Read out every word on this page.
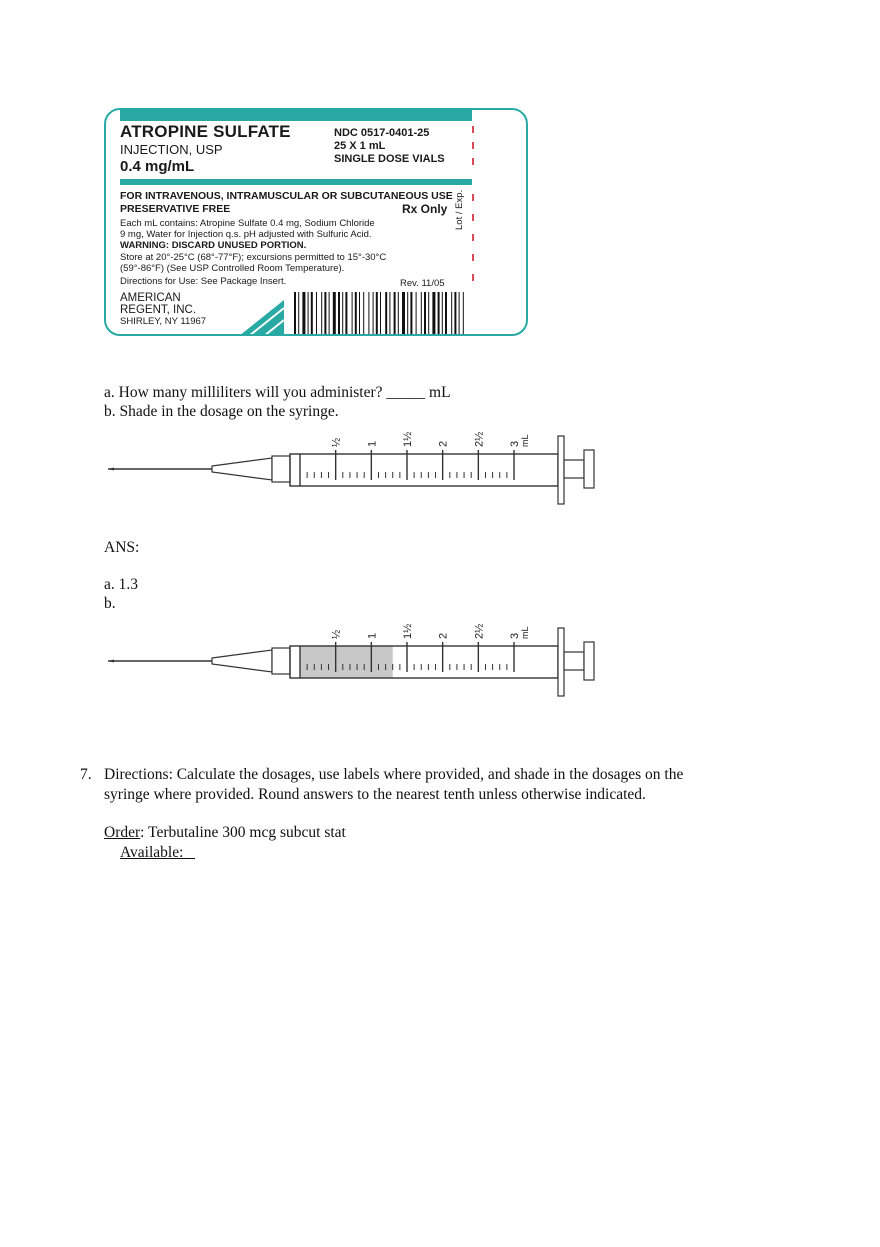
ATROPINE SULFATE
INJECTION, USP
0.4 mg/mL
NDC 0517-0401-25
25 X 1 mL
SINGLE DOSE VIALS
FOR INTRAVENOUS, INTRAMUSCULAR OR SUBCUTANEOUS USE
PRESERVATIVE FREE	Rx Only
Each mL contains: Atropine Sulfate 0.4 mg, Sodium Chloride
9 mg, Water for Injection q.s. pH adjusted with Sulfuric Acid.
WARNING: DISCARD UNUSED PORTION.
Store at 20°-25°C (68°-77°F); excursions permitted to 15°-30°C
(59°-86°F) (See USP Controlled Room Temperature).
Directions for Use: See Package Insert.	Rev. 11/05
Lot / Exp.
AMERICAN
REGENT, INC.
SHIRLEY, NY 11967
a. How many milliliters will you administer? _____ mL
b. Shade in the dosage on the syringe.
½ 1 1½ 2 2½ 3 mL
ANS:
a. 1.3
b.
½ 1 1½ 2 2½ 3 mL
7. Directions: Calculate the dosages, use labels where provided, and shade in the dosages on the
syringe where provided. Round answers to the nearest tenth unless otherwise indicated.
Order: Terbutaline 300 mcg subcut stat
Available:
